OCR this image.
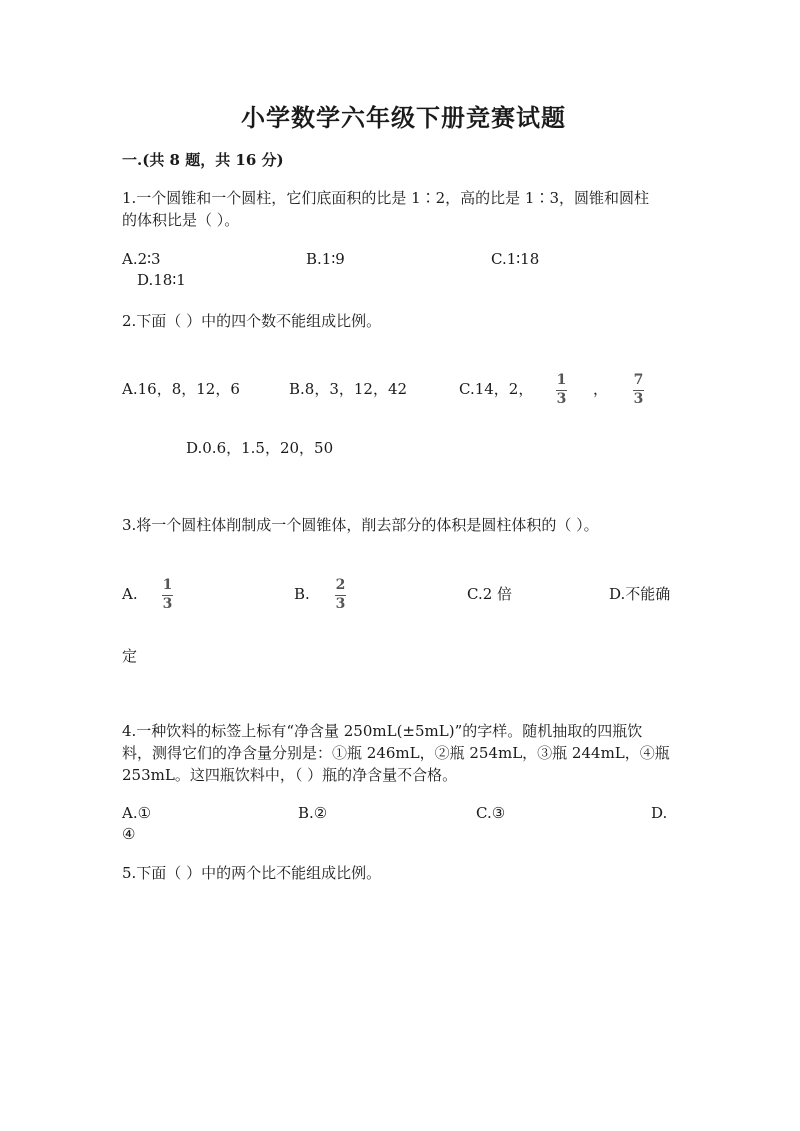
小学数学六年级下册竞赛试题
一.(共 8 题，共 16 分)
1.一个圆锥和一个圆柱，它们底面积的比是 1∶2，高的比是 1∶3，圆锥和圆柱
的体积比是（ ）。
A.2∶3	B.1∶9	C.1∶18
D.18∶1
2.下面（ ）中的四个数不能组成比例。
A.16，8，12，6	B.8，3，12，42	C.14，2， 1
3
， 7
3
D.0.6，1.5，20，50
3.将一个圆柱体削制成一个圆锥体，削去部分的体积是圆柱体积的（ ）。
A. 1
3
B. 2
3
C.2 倍	D.不能确
定
4.一种饮料的标签上标有“净含量 250mL(±5mL)”的字样。随机抽取的四瓶饮
料，测得它们的净含量分别是：①瓶 246mL，②瓶 254mL，③瓶 244mL，④瓶
253mL。这四瓶饮料中，（ ）瓶的净含量不合格。
A.①	B.②	C.③	D.
④
5.下面（ ）中的两个比不能组成比例。
